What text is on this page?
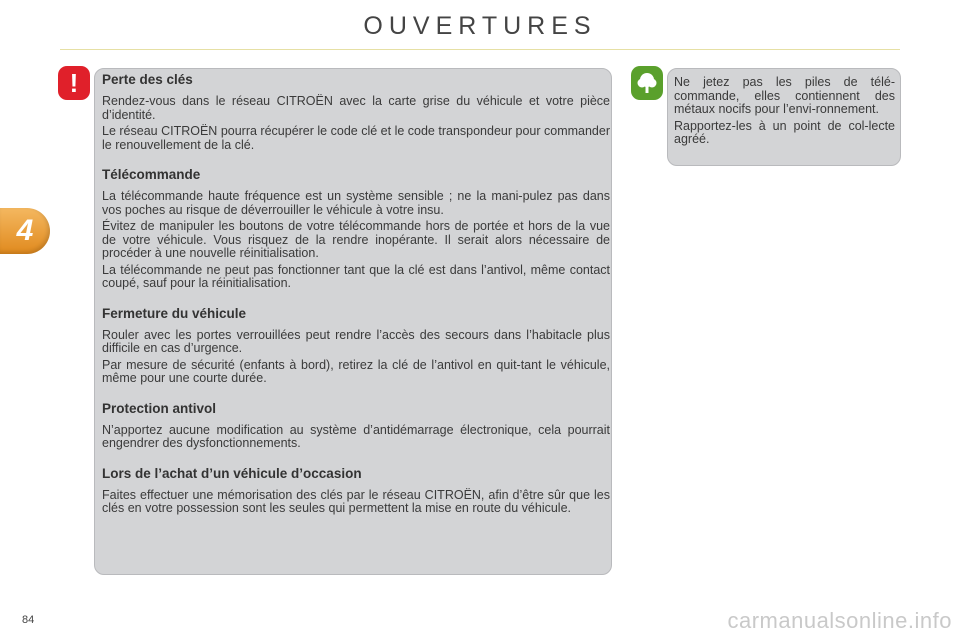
OUVERTURES
4
!	Perte des clés

Rendez-vous dans le réseau CITROËN avec la carte grise du véhicule et votre pièce d’identité.

Le réseau CITROËN pourra récupérer le code clé et le code transpondeur pour commander le renouvellement de la clé.

Télécommande

La télécommande haute fréquence est un système sensible ; ne la mani-pulez pas dans vos poches au risque de déverrouiller le véhicule à votre insu.

Évitez de manipuler les boutons de votre télécommande hors de portée et hors de la vue de votre véhicule. Vous risquez de la rendre inopérante. Il serait alors nécessaire de procéder à une nouvelle réinitialisation.

La télécommande ne peut pas fonctionner tant que la clé est dans l’antivol, même contact coupé, sauf pour la réinitialisation.

Fermeture du véhicule

Rouler avec les portes verrouillées peut rendre l’accès des secours dans l’habitacle plus difficile en cas d’urgence.

Par mesure de sécurité (enfants à bord), retirez la clé de l’antivol en quit-tant le véhicule, même pour une courte durée.

Protection antivol

N’apportez aucune modification au système d’antidémarrage électronique, cela pourrait engendrer des dysfonctionnements.

Lors de l’achat d’un véhicule d’occasion

Faites effectuer une mémorisation des clés par le réseau CITROËN, afin d’être sûr que les clés en votre possession sont les seules qui permettent la mise en route du véhicule.

Ne jetez pas les piles de télé-commande, elles contiennent des métaux nocifs pour l’envi-ronnement.

Rapportez-les à un point de col-lecte agréé.

84	carmanualsonline.info
